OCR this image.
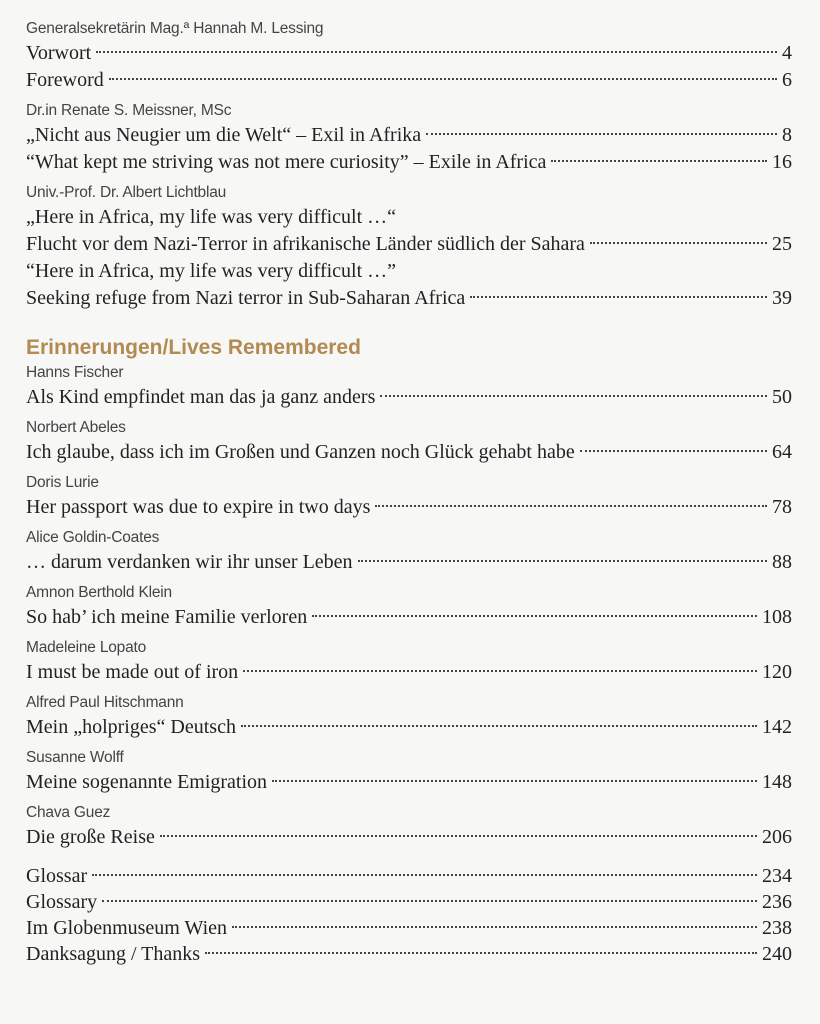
Generalsekretärin Mag.ª Hannah M. Lessing
Vorwort	4
Foreword	6
Dr.in Renate S. Meissner, MSc
„Nicht aus Neugier um die Welt“ – Exil in Afrika	8
“What kept me striving was not mere curiosity” – Exile in Africa	16
Univ.-Prof. Dr. Albert Lichtblau
„Here in Africa, my life was very difficult …“
Flucht vor dem Nazi-Terror in afrikanische Länder südlich der Sahara	25
“Here in Africa, my life was very difficult …”
Seeking refuge from Nazi terror in Sub-Saharan Africa	39
Erinnerungen/Lives Remembered
Hanns Fischer
Als Kind empfindet man das ja ganz anders	50
Norbert Abeles
Ich glaube, dass ich im Großen und Ganzen noch Glück gehabt habe	64
Doris Lurie
Her passport was due to expire in two days	78
Alice Goldin-Coates
… darum verdanken wir ihr unser Leben	88
Amnon Berthold Klein
So hab’ ich meine Familie verloren	108
Madeleine Lopato
I must be made out of iron	120
Alfred Paul Hitschmann
Mein „holpriges“ Deutsch	142
Susanne Wolff
Meine sogenannte Emigration	148
Chava Guez
Die große Reise	206
Glossar	234
Glossary	236
Im Globenmuseum Wien	238
Danksagung / Thanks	240
